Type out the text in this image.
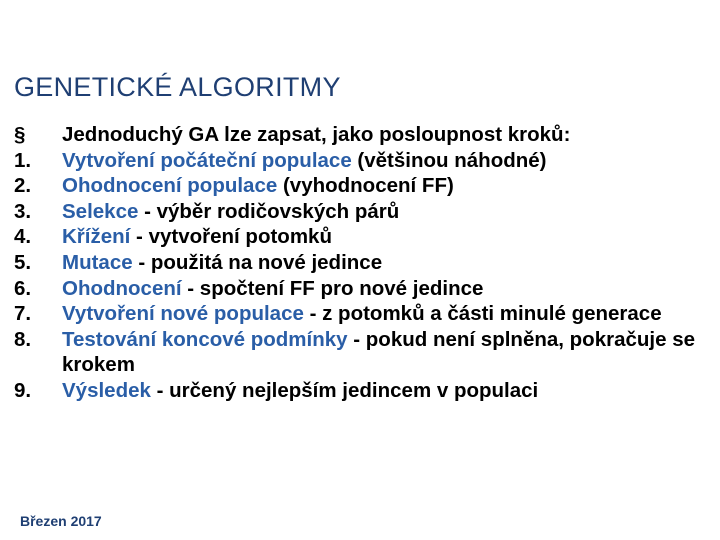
GENETICKÉ ALGORITMY
§	Jednoduchý GA lze zapsat, jako posloupnost kroků:
1.	Vytvoření počáteční populace (většinou náhodné)
2.	Ohodnocení populace (vyhodnocení FF)
3.	Selekce - výběr rodičovských párů
4.	Křížení - vytvoření potomků
5.	Mutace - použitá na nové jedince
6.	Ohodnocení - spočtení FF pro nové jedince
7.	Vytvoření nové populace - z potomků a části minulé generace
8.	Testování koncové podmínky - pokud není splněna, pokračuje se krokem
9.	Výsledek - určený nejlepším jedincem v populaci
Březen 2017
